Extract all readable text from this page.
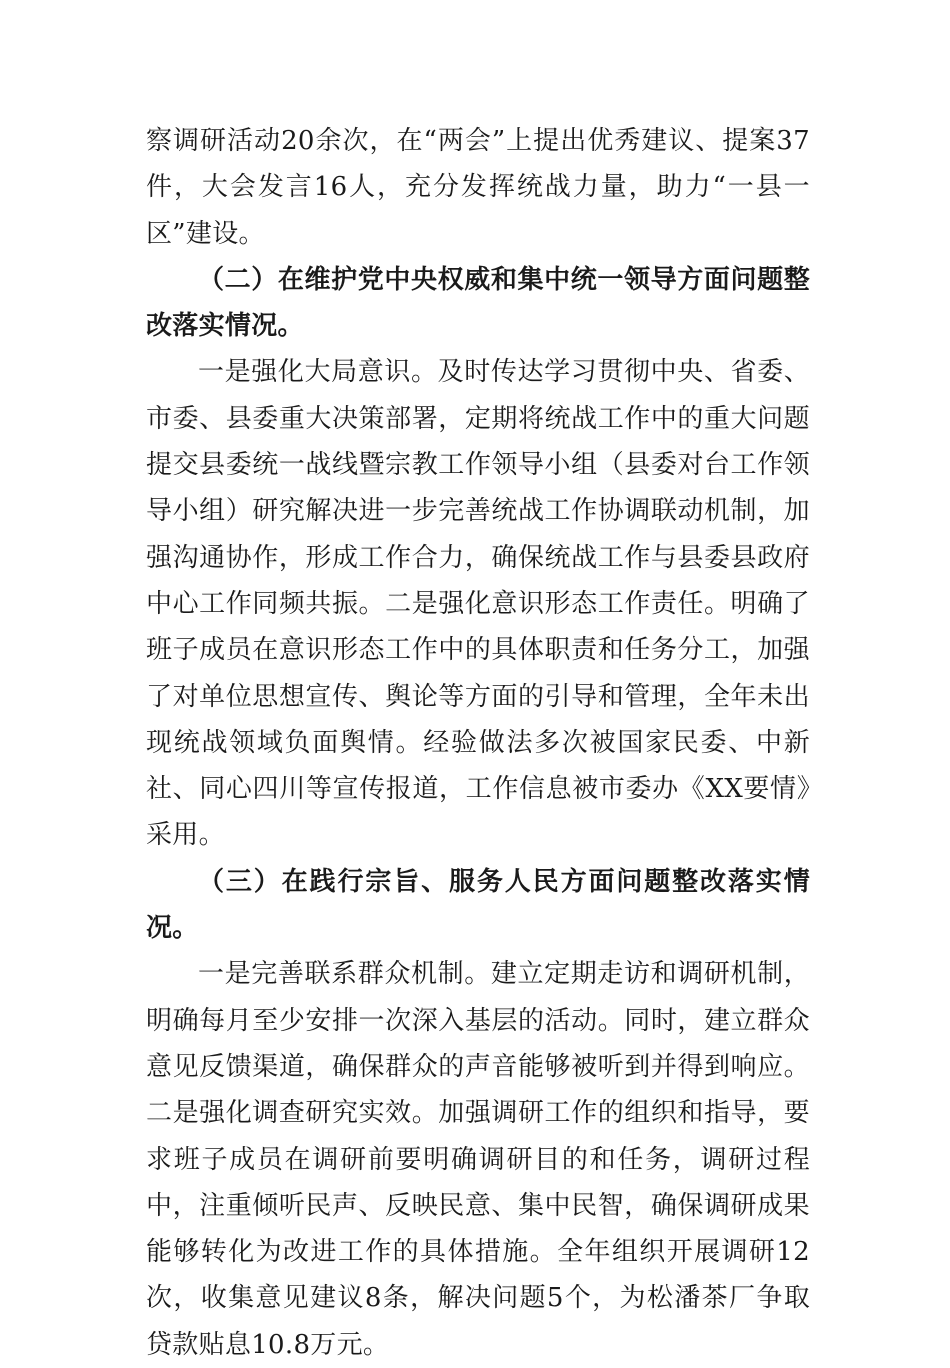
察调研活动20余次，在“两会”上提出优秀建议、提案37件，大会发言16人，充分发挥统战力量，助力“一县一区”建设。

（二）在维护党中央权威和集中统一领导方面问题整改落实情况。

一是强化大局意识。及时传达学习贯彻中央、省委、市委、县委重大决策部署，定期将统战工作中的重大问题提交县委统一战线暨宗教工作领导小组（县委对台工作领导小组）研究解决进一步完善统战工作协调联动机制，加强沟通协作，形成工作合力，确保统战工作与县委县政府中心工作同频共振。二是强化意识形态工作责任。明确了班子成员在意识形态工作中的具体职责和任务分工，加强了对单位思想宣传、舆论等方面的引导和管理，全年未出现统战领域负面舆情。经验做法多次被国家民委、中新社、同心四川等宣传报道，工作信息被市委办《XX要情》采用。

（三）在践行宗旨、服务人民方面问题整改落实情况。

一是完善联系群众机制。建立定期走访和调研机制，明确每月至少安排一次深入基层的活动。同时，建立群众意见反馈渠道，确保群众的声音能够被听到并得到响应。二是强化调查研究实效。加强调研工作的组织和指导，要求班子成员在调研前要明确调研目的和任务，调研过程中，注重倾听民声、反映民意、集中民智，确保调研成果能够转化为改进工作的具体措施。全年组织开展调研12次，收集意见建议8条，解决问题5个，为松潘茶厂争取贷款贴息10.8万元。
